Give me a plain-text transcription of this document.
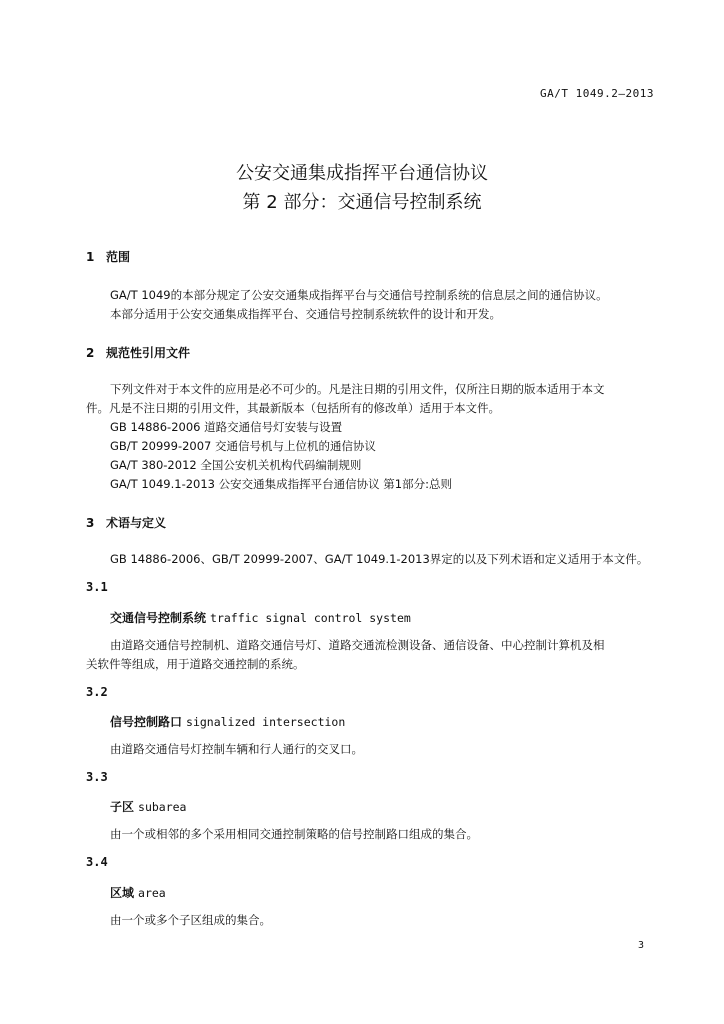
GA/T 1049.2—2013
公安交通集成指挥平台通信协议
第 2 部分：交通信号控制系统
1 范围
GA/T 1049的本部分规定了公安交通集成指挥平台与交通信号控制系统的信息层之间的通信协议。
本部分适用于公安交通集成指挥平台、交通信号控制系统软件的设计和开发。
2 规范性引用文件
下列文件对于本文件的应用是必不可少的。凡是注日期的引用文件，仅所注日期的版本适用于本文
件。凡是不注日期的引用文件，其最新版本（包括所有的修改单）适用于本文件。
GB 14886-2006 道路交通信号灯安装与设置
GB/T 20999-2007 交通信号机与上位机的通信协议
GA/T 380-2012 全国公安机关机构代码编制规则
GA/T 1049.1-2013 公安交通集成指挥平台通信协议 第1部分:总则
3 术语与定义
GB 14886-2006、GB/T 20999-2007、GA/T 1049.1-2013界定的以及下列术语和定义适用于本文件。
3.1
交通信号控制系统 traffic signal control system
由道路交通信号控制机、道路交通信号灯、道路交通流检测设备、通信设备、中心控制计算机及相
关软件等组成，用于道路交通控制的系统。
3.2
信号控制路口 signalized intersection
由道路交通信号灯控制车辆和行人通行的交叉口。
3.3
子区 subarea
由一个或相邻的多个采用相同交通控制策略的信号控制路口组成的集合。
3.4
区域 area
由一个或多个子区组成的集合。
3
